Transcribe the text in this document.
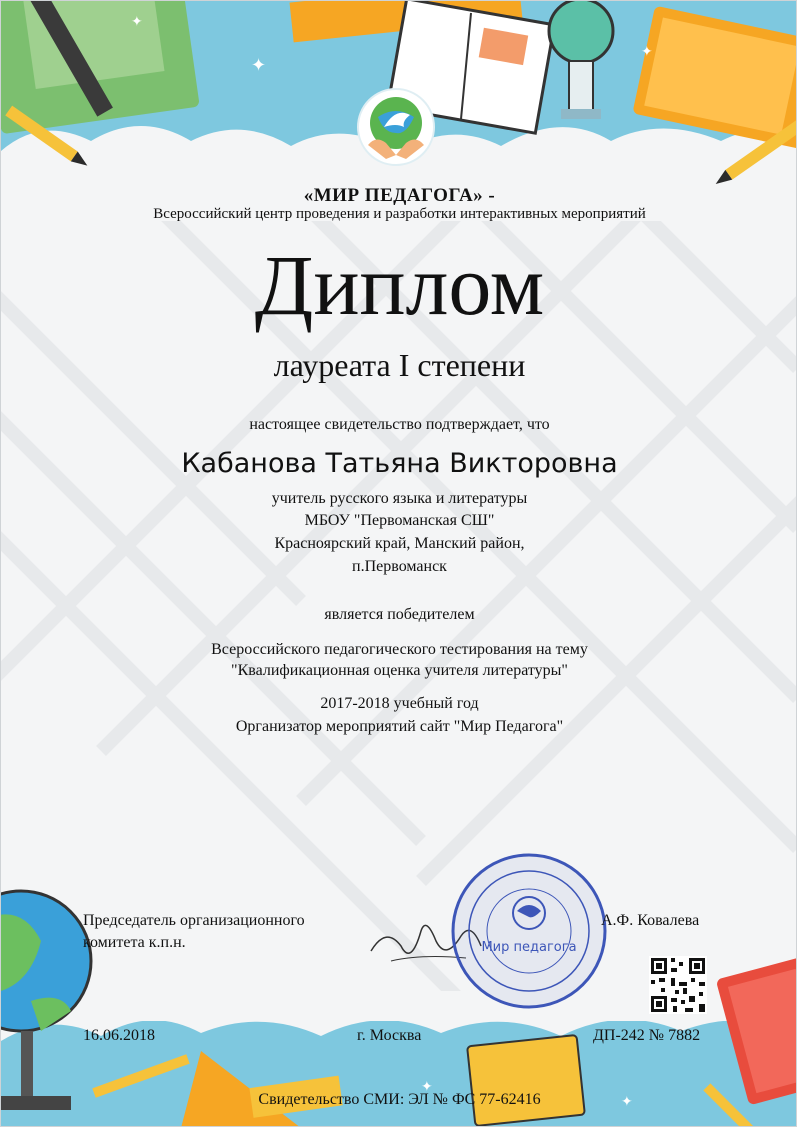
✦
✦
✦
✦
✦
«МИР ПЕДАГОГА» -
Всероссийский центр проведения и разработки интерактивных мероприятий
Диплом
лауреата I степени
настоящее свидетельство подтверждает, что
Кабанова Татьяна Викторовна
учитель русского языка и литературы
МБОУ "Первоманская СШ"
Красноярский край, Манский район,
п.Первоманск
является победителем
Всероссийского педагогического тестирования на тему
"Квалификационная оценка учителя литературы"
2017-2018 учебный год
Организатор мероприятий сайт "Мир Педагога"
Председатель организационного
комитета к.п.н.	Мир педагога
А.Ф. Ковалева
16.06.2018	г. Москва	ДП-242 № 7882
Свидетельство СМИ: ЭЛ № ФС 77-62416
